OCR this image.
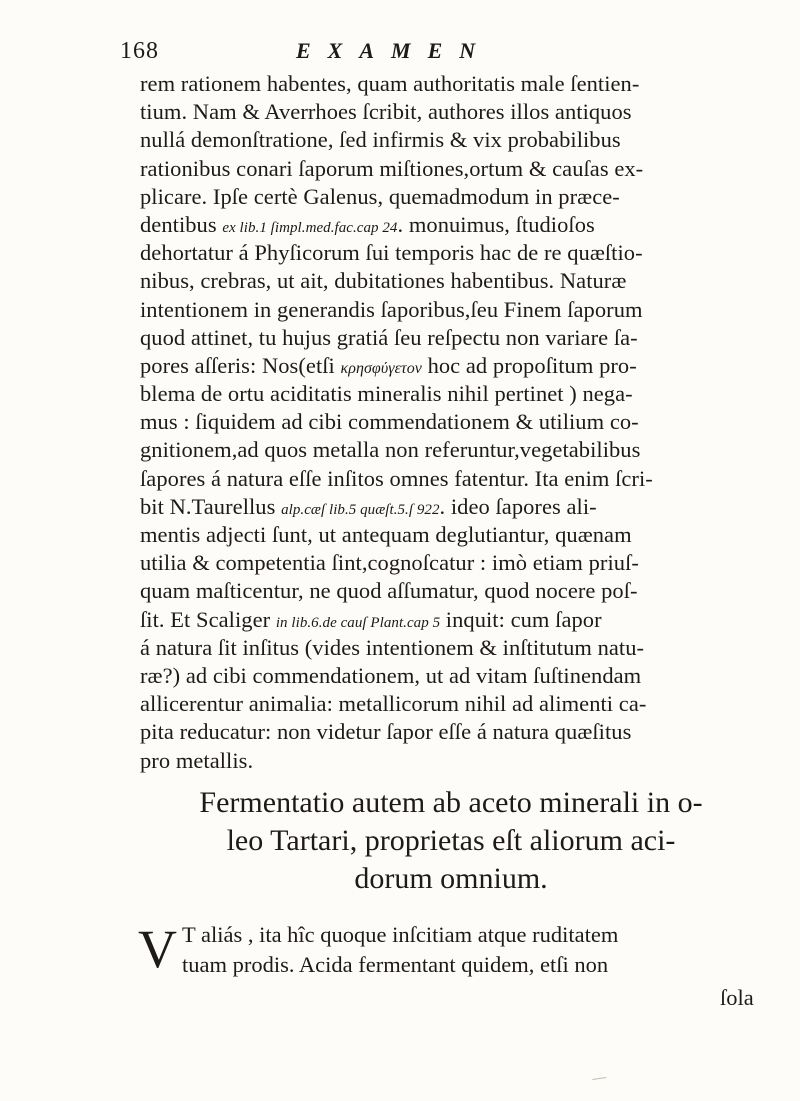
168	EXAMEN
rem rationem habentes, quam authoritatis male ſentien-
tium. Nam & Averrhoes ſcribit, authores illos antiquos
nullá demonſtratione, ſed infirmis & vix probabilibus
rationibus conari ſaporum miſtiones,ortum & cauſas ex-
plicare. Ipſe certè Galenus, quemadmodum in præce-
dentibus ex lib.1 ſimpl.med.fac.cap 24. monuimus, ſtudioſos
dehortatur á Phyſicorum ſui temporis hac de re quæſtio-
nibus, crebras, ut ait, dubitationes habentibus. Naturæ
intentionem in generandis ſaporibus,ſeu Finem ſaporum
quod attinet, tu hujus gratiá ſeu reſpectu non variare ſa-
pores aſſeris: Nos(etſi κρησφύγετον hoc ad propoſitum pro-
blema de ortu aciditatis mineralis nihil pertinet ) nega-
mus : ſiquidem ad cibi commendationem & utilium co-
gnitionem,ad quos metalla non referuntur,vegetabilibus
ſapores á natura eſſe inſitos omnes fatentur. Ita enim ſcri-
bit N.Taurellus alp.cæſ lib.5 quæſt.5.ſ 922. ideo ſapores ali-
mentis adjecti ſunt, ut antequam deglutiantur, quænam
utilia & competentia ſint,cognoſcatur : imò etiam priuſ-
quam maſticentur, ne quod aſſumatur, quod nocere poſ-
ſit. Et Scaliger in lib.6.de cauſ Plant.cap 5 inquit: cum ſapor
á natura ſit inſitus (vides intentionem & inſtitutum natu-
ræ?) ad cibi commendationem, ut ad vitam ſuſtinendam
allicerentur animalia: metallicorum nihil ad alimenti ca-
pita reducatur: non videtur ſapor eſſe á natura quæſitus
pro metallis.
Fermentatio autem ab aceto minerali in o-
leo Tartari, proprietas eſt aliorum aci-
dorum omnium.
V T aliás , ita hîc quoque inſcitiam atque ruditatem
tuam prodis. Acida fermentant quidem, etſi non
ſola
